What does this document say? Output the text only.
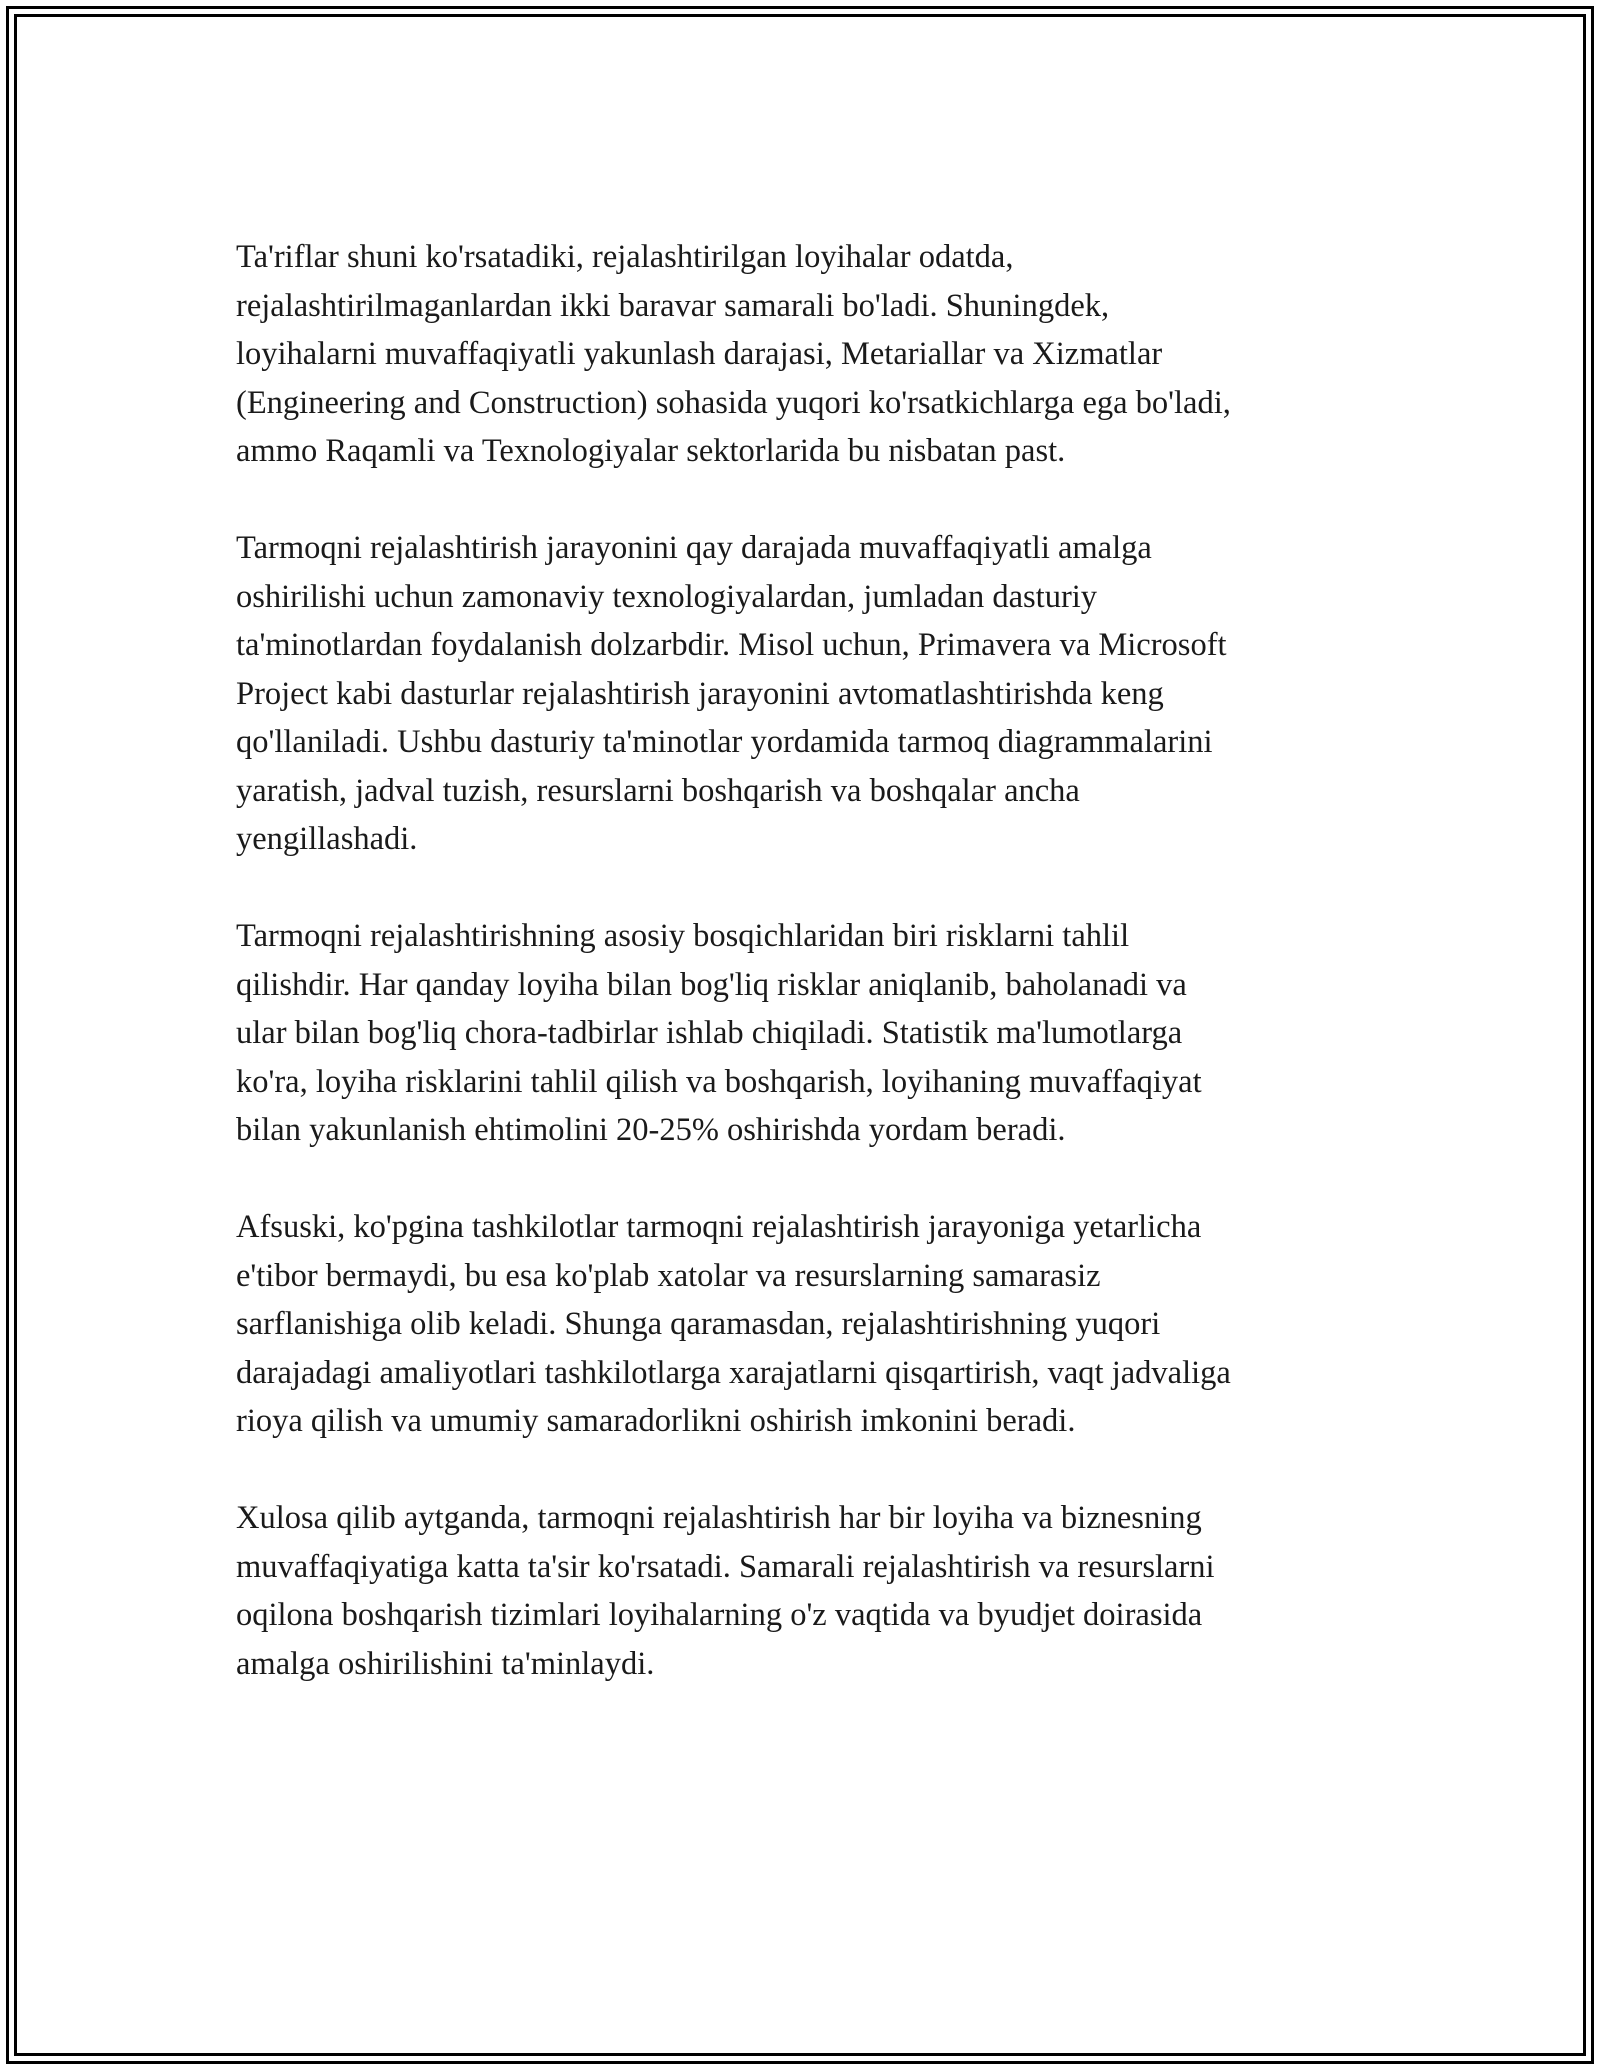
Ta'riflar shuni ko'rsatadiki, rejalashtirilgan loyihalar odatda,
rejalashtirilmaganlardan ikki baravar samarali bo'ladi. Shuningdek,
loyihalarni muvaffaqiyatli yakunlash darajasi, Metariallar va Xizmatlar
(Engineering and Construction) sohasida yuqori ko'rsatkichlarga ega bo'ladi,
ammo Raqamli va Texnologiyalar sektorlarida bu nisbatan past.

Tarmoqni rejalashtirish jarayonini qay darajada muvaffaqiyatli amalga
oshirilishi uchun zamonaviy texnologiyalardan, jumladan dasturiy
ta'minotlardan foydalanish dolzarbdir. Misol uchun, Primavera va Microsoft
Project kabi dasturlar rejalashtirish jarayonini avtomatlashtirishda keng
qo'llaniladi. Ushbu dasturiy ta'minotlar yordamida tarmoq diagrammalarini
yaratish, jadval tuzish, resurslarni boshqarish va boshqalar ancha
yengillashadi.

Tarmoqni rejalashtirishning asosiy bosqichlaridan biri risklarni tahlil
qilishdir. Har qanday loyiha bilan bog'liq risklar aniqlanib, baholanadi va
ular bilan bog'liq chora-tadbirlar ishlab chiqiladi. Statistik ma'lumotlarga
ko'ra, loyiha risklarini tahlil qilish va boshqarish, loyihaning muvaffaqiyat
bilan yakunlanish ehtimolini 20-25% oshirishda yordam beradi.

Afsuski, ko'pgina tashkilotlar tarmoqni rejalashtirish jarayoniga yetarlicha
e'tibor bermaydi, bu esa ko'plab xatolar va resurslarning samarasiz
sarflanishiga olib keladi. Shunga qaramasdan, rejalashtirishning yuqori
darajadagi amaliyotlari tashkilotlarga xarajatlarni qisqartirish, vaqt jadvaliga
rioya qilish va umumiy samaradorlikni oshirish imkonini beradi.

Xulosa qilib aytganda, tarmoqni rejalashtirish har bir loyiha va biznesning
muvaffaqiyatiga katta ta'sir ko'rsatadi. Samarali rejalashtirish va resurslarni
oqilona boshqarish tizimlari loyihalarning o'z vaqtida va byudjet doirasida
amalga oshirilishini ta'minlaydi.
